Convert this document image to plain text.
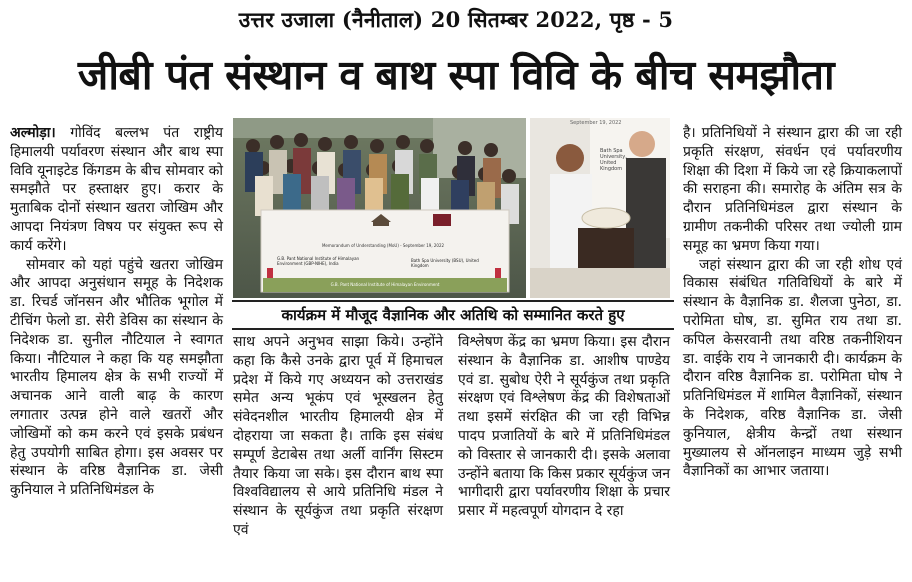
उत्तर उजाला (नैनीताल) 20 सितम्बर 2022, पृष्ठ - 5
जीबी पंत संस्थान व बाथ स्पा विवि के बीच समझौता

अल्मोड़ा। गोविंद बल्लभ पंत राष्ट्रीय हिमालयी पर्यावरण संस्थान और बाथ स्पा विवि यूनाइटेड किंगडम के बीच सोमवार को समझौते पर हस्ताक्षर हुए। करार के मुताबिक दोनों संस्थान खतरा जोखिम और आपदा नियंत्रण विषय पर संयुक्त रूप से कार्य करेंगे।

सोमवार को यहां पहुंचे खतरा जोखिम और आपदा अनुसंधान समूह के निदेशक डा. रिचर्ड जॉनसन और भौतिक भूगोल में टीचिंग फेलो डा. सेरी डेविस का संस्थान के निदेशक डा. सुनील नौटियाल ने स्वागत किया। नौटियाल ने कहा कि यह समझौता भारतीय हिमालय क्षेत्र के सभी राज्यों में अचानक आने वाली बाढ़ के कारण लगातार उत्पन्न होने वाले खतरों और जोखिमों को कम करने एवं इसके प्रबंधन हेतु उपयोगी साबित होगा। इस अवसर पर संस्थान के वरिष्ठ वैज्ञानिक डा. जेसी कुनियाल ने प्रतिनिधिमंडल के

Memorandum of Understanding (MoU) - September 19, 2022
G.B. Pant National Institute of Himalayan Environment (GBP-NIHE), India
Bath Spa University (BSU), United Kingdom
G.B. Pant National Institute of Himalayan Environment
Bath Spa University, United Kingdom
September 19, 2022
कार्यक्रम में मौजूद वैज्ञानिक और अतिथि को सम्मानित करते हुए

साथ अपने अनुभव साझा किये। उन्होंने कहा कि कैसे उनके द्वारा पूर्व में हिमाचल प्रदेश में किये गए अध्ययन को उत्तराखंड समेत अन्य भूकंप एवं भूस्खलन हेतु संवेदनशील भारतीय हिमालयी क्षेत्र में दोहराया जा सकता है। ताकि इस संबंध सम्पूर्ण डेटाबेस तथा अर्ली वार्निंग सिस्टम तैयार किया जा सके। इस दौरान बाथ स्पा विश्वविद्यालय से आये प्रतिनिधि मंडल ने संस्थान के सूर्यकुंज तथा प्रकृति संरक्षण एवं

विश्लेषण केंद्र का भ्रमण किया। इस दौरान संस्थान के वैज्ञानिक डा. आशीष पाण्डेय एवं डा. सुबोध ऐरी ने सूर्यकुंज तथा प्रकृति संरक्षण एवं विश्लेषण केंद्र की विशेषताओं तथा इसमें संरक्षित की जा रही विभिन्न पादप प्रजातियों के बारे में प्रतिनिधिमंडल को विस्तार से जानकारी दी। इसके अलावा उन्होंने बताया कि किस प्रकार सूर्यकुंज जन भागीदारी द्वारा पर्यावरणीय शिक्षा के प्रचार प्रसार में महत्वपूर्ण योगदान दे रहा

है। प्रतिनिधियों ने संस्थान द्वारा की जा रही प्रकृति संरक्षण, संवर्धन एवं पर्यावरणीय शिक्षा की दिशा में किये जा रहे क्रियाकलापों की सराहना की। समारोह के अंतिम सत्र के दौरान प्रतिनिधिमंडल द्वारा संस्थान के ग्रामीण तकनीकी परिसर तथा ज्योली ग्राम समूह का भ्रमण किया गया।

जहां संस्थान द्वारा की जा रही शोध एवं विकास संबंधित गतिविधियों के बारे में संस्थान के वैज्ञानिक डा. शैलजा पुनेठा, डा. परोमिता घोष, डा. सुमित राय तथा डा. कपिल केसरवानी तथा वरिष्ठ तकनीशियन डा. वाईके राय ने जानकारी दी। कार्यक्रम के दौरान वरिष्ठ वैज्ञानिक डा. परोमिता घोष ने प्रतिनिधिमंडल में शामिल वैज्ञानिकों, संस्थान के निदेशक, वरिष्ठ वैज्ञानिक डा. जेसी कुनियाल, क्षेत्रीय केन्द्रों तथा संस्थान मुख्यालय से ऑनलाइन माध्यम जुड़े सभी वैज्ञानिकों का आभार जताया।
